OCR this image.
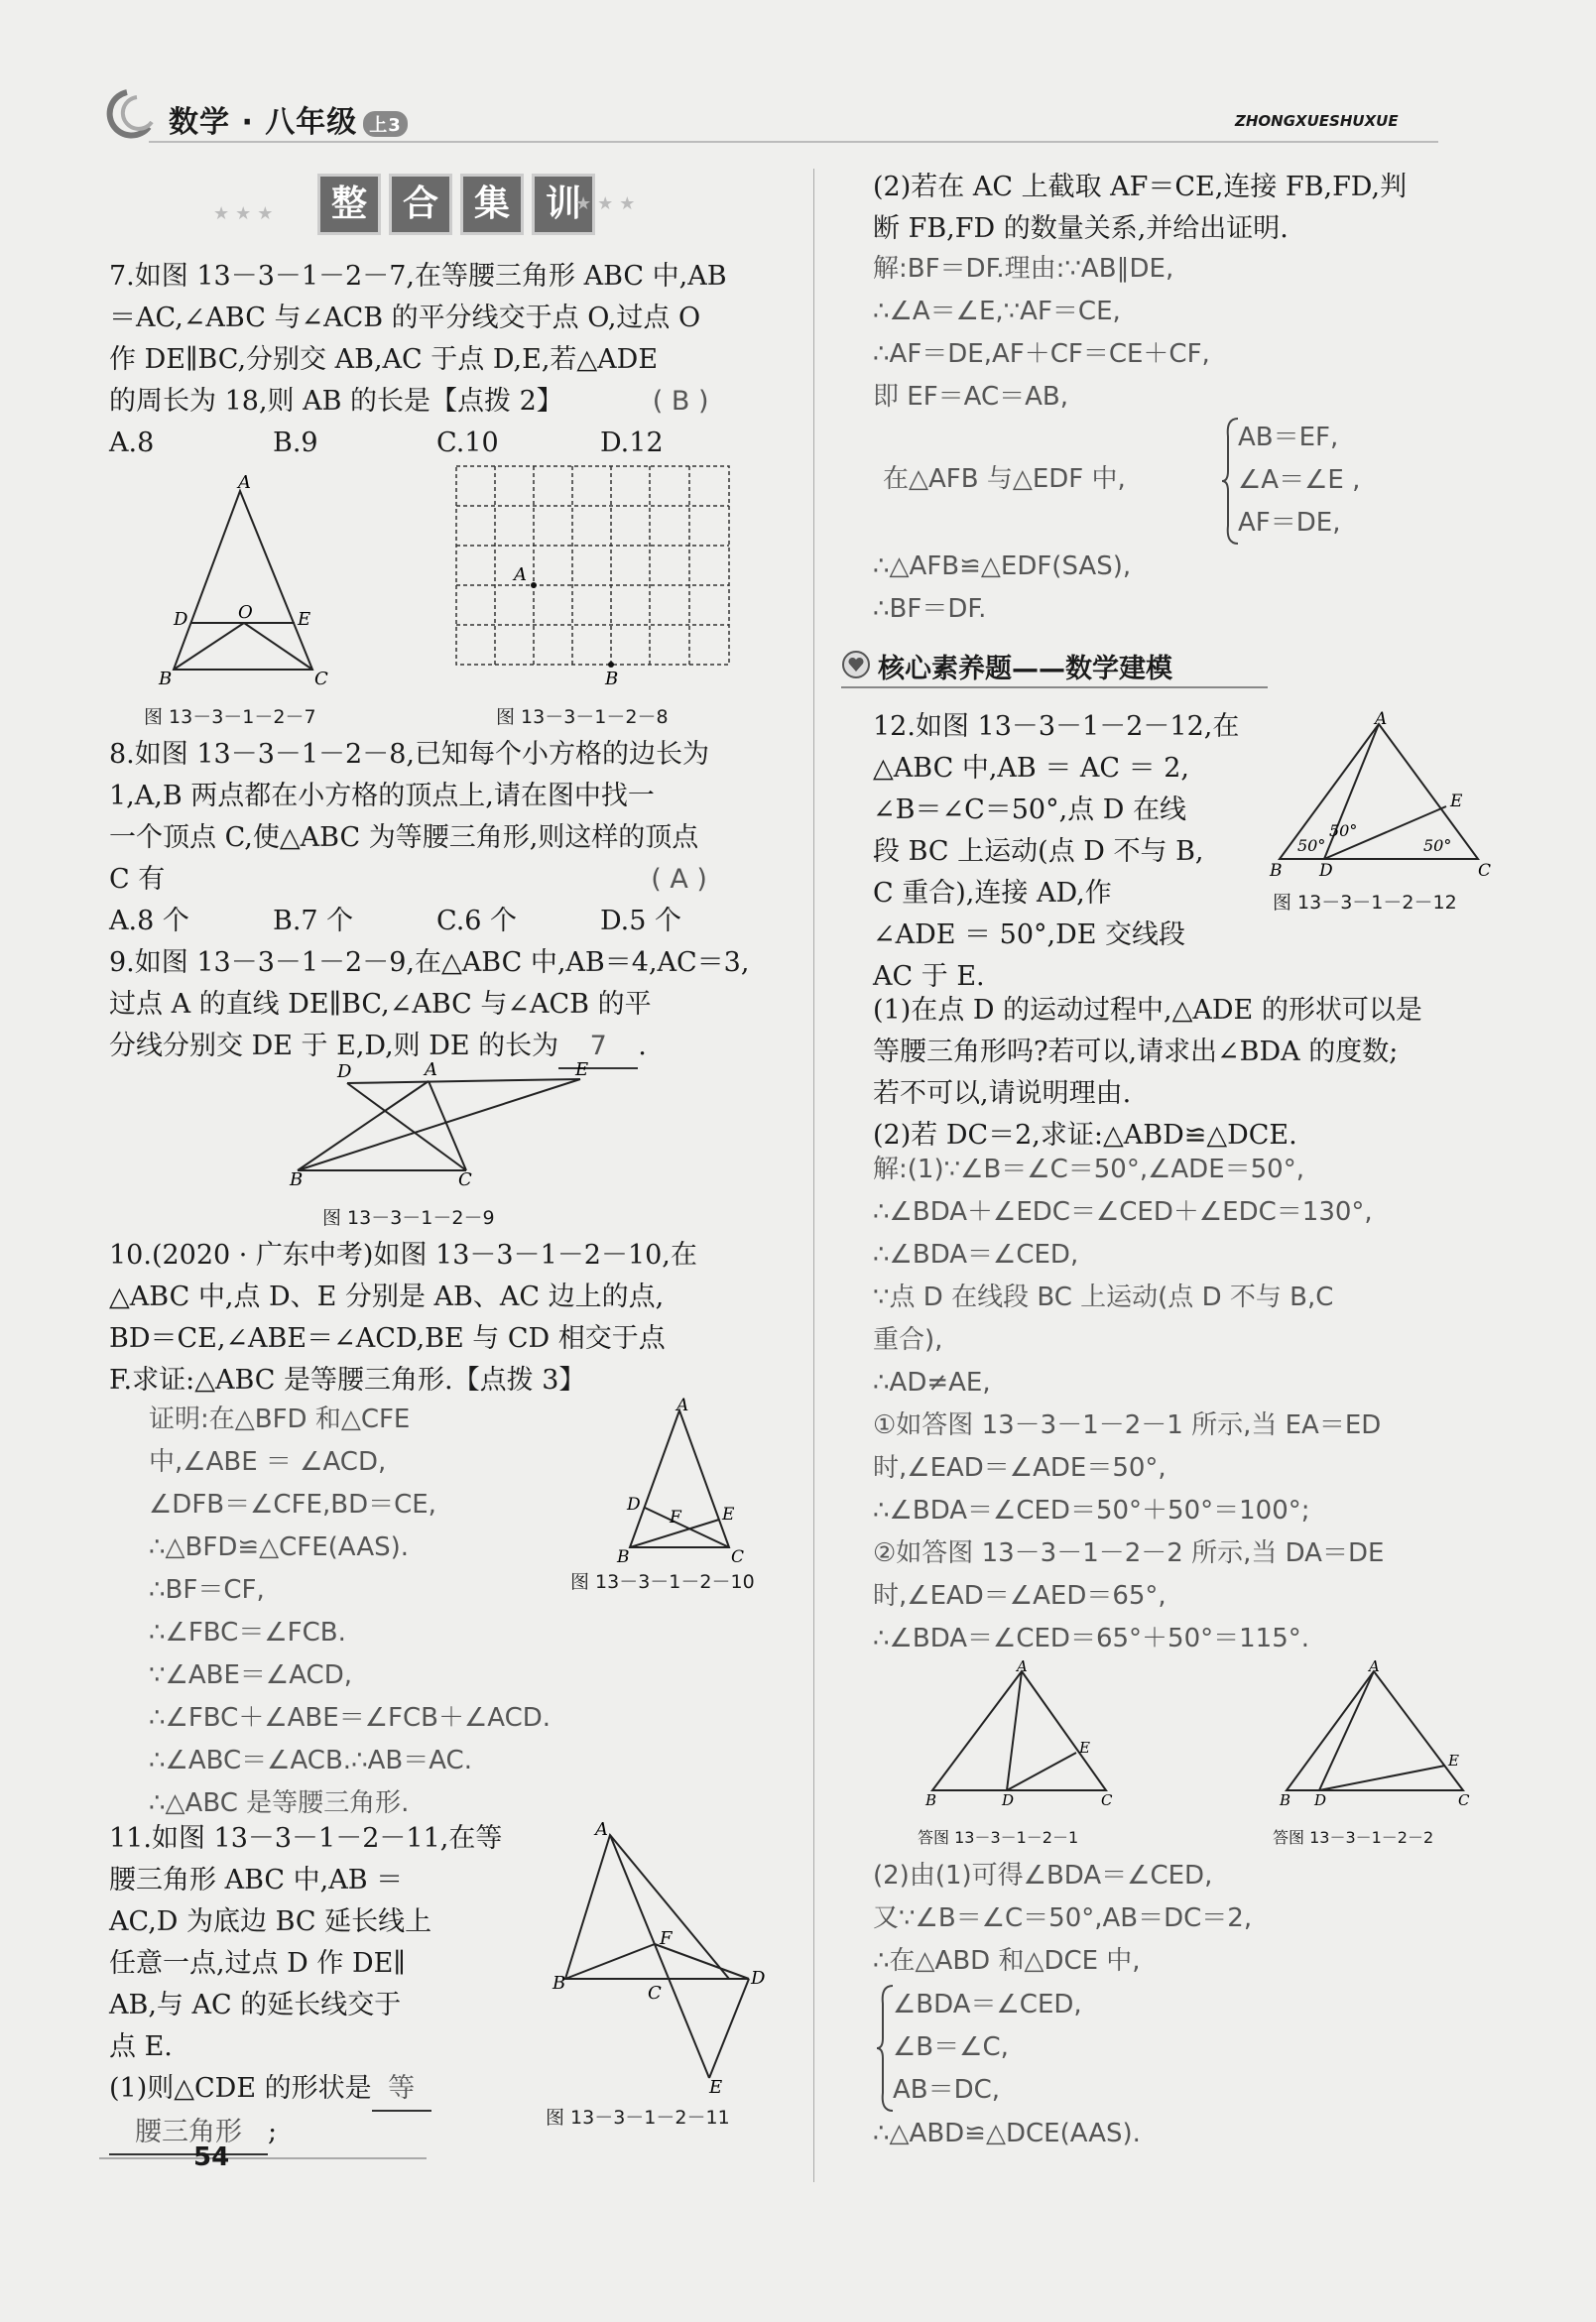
数学 · 八年级 上3	ZHONGXUESHUXUE
★★★	整 合 集 训
★★★

7.如图 13－3－1－2－7,在等腰三角形 ABC 中,AB

＝AC,∠ABC 与∠ACB 的平分线交于点 O,过点 O

作 DE∥BC,分别交 AB,AC 于点 D,E,若△ADE

的周长为 18,则 AB 的长是【点拨 2】	( B )

A.8	B.9	C.10	D.12

A
D	O	E
B	C
图 13－3－1－2－7
A
B
图 13－3－1－2－8

8.如图 13－3－1－2－8,已知每个小方格的边长为

1,A,B 两点都在小方格的顶点上,请在图中找一

一个顶点 C,使△ABC 为等腰三角形,则这样的顶点

C 有	( A )

A.8 个	B.7 个	C.6 个	D.5 个

9.如图 13－3－1－2－9,在△ABC 中,AB＝4,AC＝3,

过点 A 的直线 DE∥BC,∠ABC 与∠ACB 的平

分线分别交 DE 于 E,D,则 DE 的长为 7 .

D	A	E
B	C
图 13－3－1－2－9

10.(2020 · 广东中考)如图 13－3－1－2－10,在

△ABC 中,点 D、E 分别是 AB、AC 边上的点,

BD＝CE,∠ABE＝∠ACD,BE 与 CD 相交于点

F.求证:△ABC 是等腰三角形.【点拨 3】

证明:在△BFD 和△CFE

中,∠ABE ＝ ∠ACD,

∠DFB＝∠CFE,BD＝CE,

∴△BFD≌△CFE(AAS).

∴BF＝CF,

∴∠FBC＝∠FCB.

∵∠ABE＝∠ACD,

∴∠FBC＋∠ABE＝∠FCB＋∠ACD.

∴∠ABC＝∠ACB.∴AB＝AC.

∴△ABC 是等腰三角形.

A
D
F E
B	C
图 13－3－1－2－10

11.如图 13－3－1－2－11,在等

腰三角形 ABC 中,AB ＝

AC,D 为底边 BC 延长线上

任意一点,过点 D 作 DE∥

AB,与 AC 的延长线交于

点 E.

(1)则△CDE 的形状是 等

腰三角形 ;

A
B
F
C
D
E
图 13－3－1－2－11

(2)若在 AC 上截取 AF＝CE,连接 FB,FD,判

断 FB,FD 的数量关系,并给出证明.

解:BF＝DF.理由:∵AB∥DE,

∴∠A＝∠E,∵AF＝CE,

∴AF＝DE,AF＋CF＝CE＋CF,

即 EF＝AC＝AB,

在△AFB 与△EDF 中,

AB＝EF,

∠A＝∠E ,

AF＝DE,

∴△AFB≌△EDF(SAS),

∴BF＝DF.

核心素养题——数学建模

12.如图 13－3－1－2－12,在

△ABC 中,AB ＝ AC ＝ 2,

∠B＝∠C＝50°,点 D 在线

段 BC 上运动(点 D 不与 B,

C 重合),连接 AD,作

∠ADE ＝ 50°,DE 交线段

AC 于 E.

A
E
B D	C
50°
50°
50°
图 13－3－1－2－12

(1)在点 D 的运动过程中,△ADE 的形状可以是

等腰三角形吗?若可以,请求出∠BDA 的度数;

若不可以,请说明理由.

(2)若 DC＝2,求证:△ABD≌△DCE.

解:(1)∵∠B＝∠C＝50°,∠ADE＝50°,

∴∠BDA＋∠EDC＝∠CED＋∠EDC＝130°,

∴∠BDA＝∠CED,

∵点 D 在线段 BC 上运动(点 D 不与 B,C

重合),

∴AD≠AE,

①如答图 13－3－1－2－1 所示,当 EA＝ED

时,∠EAD＝∠ADE＝50°,

∴∠BDA＝∠CED＝50°＋50°＝100°;

②如答图 13－3－1－2－2 所示,当 DA＝DE

时,∠EAD＝∠AED＝65°,

∴∠BDA＝∠CED＝65°＋50°＝115°.

A
E
B	D	C
答图 13－3－1－2－1
A
E
B D	C
答图 13－3－1－2－2

(2)由(1)可得∠BDA＝∠CED,

又∵∠B＝∠C＝50°,AB＝DC＝2,

∴在△ABD 和△DCE 中,

∠BDA＝∠CED,

∠B＝∠C,

AB＝DC,

∴△ABD≌△DCE(AAS).
54
